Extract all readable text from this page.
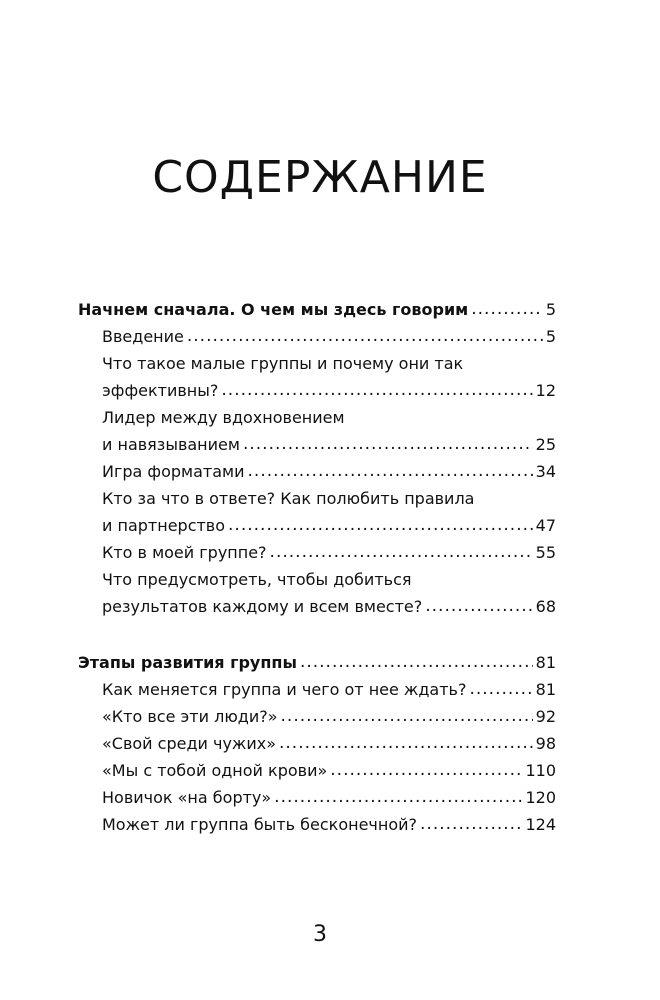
СОДЕРЖАНИЕ
Начнем сначала. О чем мы здесь говорим .....	5
Введение .....	5
Что такое малые группы и почему они так
эффективны? .....	12
Лидер между вдохновением
и навязыванием .....	25
Игра форматами .....	34
Кто за что в ответе? Как полюбить правила
и партнерство .....	47
Кто в моей группе? .....	55
Что предусмотреть, чтобы добиться
результатов каждому и всем вместе? .....	68
Этапы развития группы .....	81
Как меняется группа и чего от нее ждать? .....	81
«Кто все эти люди?» .....	92
«Свой среди чужих» .....	98
«Мы с тобой одной крови» .....	110
Новичок «на борту» .....	120
Может ли группа быть бесконечной? .....	124
3
